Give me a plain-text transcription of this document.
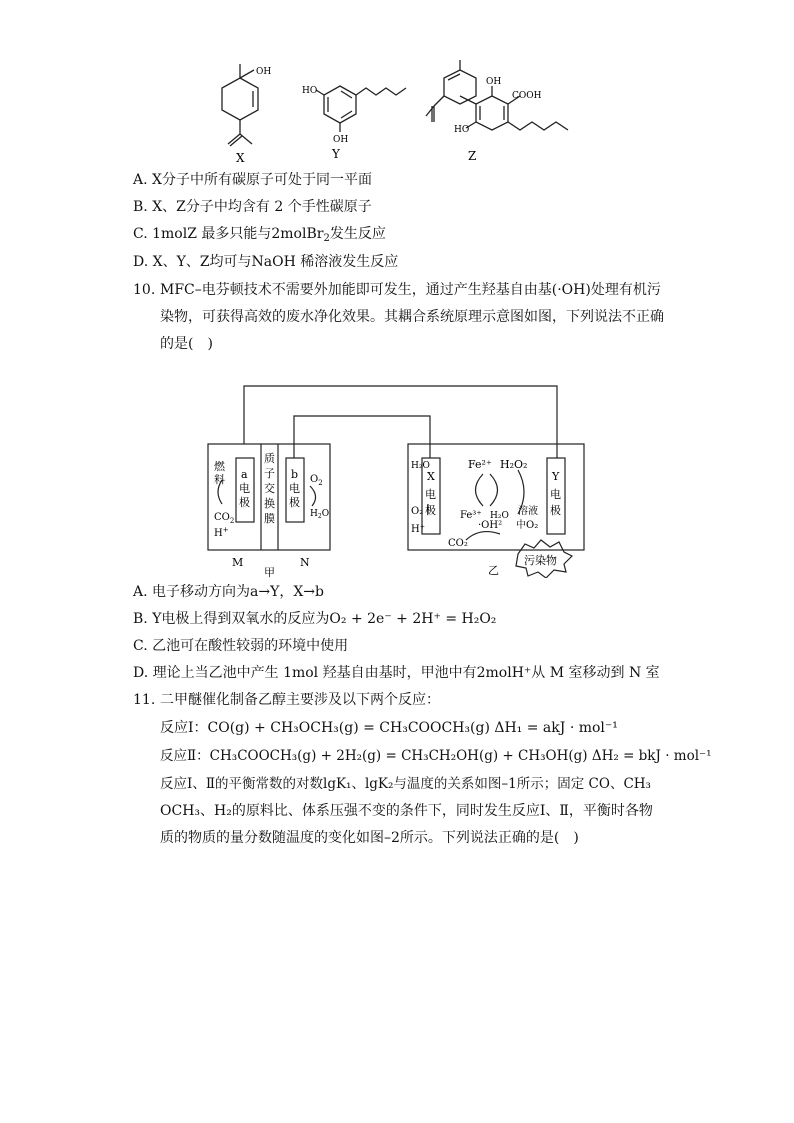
X	Y	Z
OH
HO
OH
OH
COOH
HO
A. X分子中所有碳原子可处于同一平面
B. X、Z分子中均含有 2 个手性碳原子
C. 1molZ 最多只能与2molBr$_2$发生反应
D. X、Y、Z均可与NaOH 稀溶液发生反应
10. MFC–电芬顿技术不需要外加能即可发生，通过产生羟基自由基(·OH)处理有机污
染物，可获得高效的废水净化效果。其耦合系统原理示意图如图，下列说法不正确
的是(　)
燃
料
$CO_2$
H+
a
电
极
质
子
交
换
膜
b
电
极
$O_2$
$H_2O$
M	N
甲
H₂O
O₂
H⁺
X
电
极
Fe²⁺ H₂O₂
Fe³⁺ H₂O
·OH²
溶液
中O₂
Y
电
极
CO₂
污染物
乙
A. 电子移动方向为a→Y，X→b
B. Y电极上得到双氧水的反应为O₂ + 2e⁻ + 2H⁺ = H₂O₂
C. 乙池可在酸性较弱的环境中使用
D. 理论上当乙池中产生 1mol 羟基自由基时，甲池中有2molH⁺从 M 室移动到 N 室
11. 二甲醚催化制备乙醇主要涉及以下两个反应：
反应Ⅰ：CO(g) + CH₃OCH₃(g) = CH₃COOCH₃(g) ΔH₁ = akJ · mol⁻¹
反应Ⅱ：CH₃COOCH₃(g) + 2H₂(g) = CH₃CH₂OH(g) + CH₃OH(g) ΔH₂ = bkJ · mol⁻¹
反应Ⅰ、Ⅱ的平衡常数的对数lgK₁、lgK₂与温度的关系如图–1所示；固定 CO、CH₃
OCH₃、H₂的原料比、体系压强不变的条件下，同时发生反应Ⅰ、Ⅱ，平衡时各物
质的物质的量分数随温度的变化如图–2所示。下列说法正确的是(　)
